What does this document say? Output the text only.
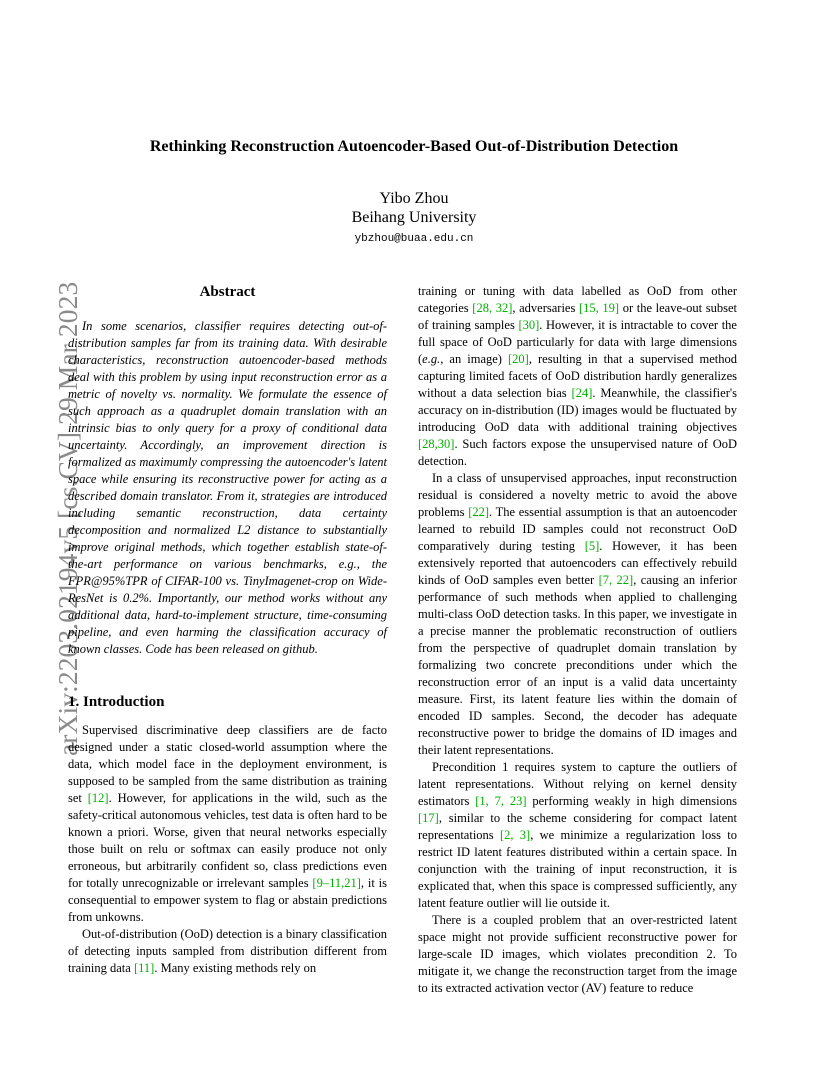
arXiv:2203.02194v5 [cs.CV] 29 Mar 2023
Rethinking Reconstruction Autoencoder-Based Out-of-Distribution Detection
Yibo Zhou
Beihang University
ybzhou@buaa.edu.cn
Abstract

In some scenarios, classifier requires detecting out-of-distribution samples far from its training data. With desirable characteristics, reconstruction autoencoder-based methods deal with this problem by using input reconstruction error as a metric of novelty vs. normality. We formulate the essence of such approach as a quadruplet domain translation with an intrinsic bias to only query for a proxy of conditional data uncertainty. Accordingly, an improvement direction is formalized as maximumly compressing the autoencoder's latent space while ensuring its reconstructive power for acting as a described domain translator. From it, strategies are introduced including semantic reconstruction, data certainty decomposition and normalized L2 distance to substantially improve original methods, which together establish state-of-the-art performance on various benchmarks, e.g., the FPR@95%TPR of CIFAR-100 vs. TinyImagenet-crop on Wide-ResNet is 0.2%. Importantly, our method works without any additional data, hard-to-implement structure, time-consuming pipeline, and even harming the classification accuracy of known classes. Code has been released on github.

1. Introduction

Supervised discriminative deep classifiers are de facto designed under a static closed-world assumption where the data, which model face in the deployment environment, is supposed to be sampled from the same distribution as training set [12]. However, for applications in the wild, such as the safety-critical autonomous vehicles, test data is often hard to be known a priori. Worse, given that neural networks especially those built on relu or softmax can easily produce not only erroneous, but arbitrarily confident so, class predictions even for totally unrecognizable or irrelevant samples [9–11,21], it is consequential to empower system to flag or abstain predictions from unkowns.

Out-of-distribution (OoD) detection is a binary classification of detecting inputs sampled from distribution different from training data [11]. Many existing methods rely on

training or tuning with data labelled as OoD from other categories [28, 32], adversaries [15, 19] or the leave-out subset of training samples [30]. However, it is intractable to cover the full space of OoD particularly for data with large dimensions (e.g., an image) [20], resulting in that a supervised method capturing limited facets of OoD distribution hardly generalizes without a data selection bias [24]. Meanwhile, the classifier's accuracy on in-distribution (ID) images would be fluctuated by introducing OoD data with additional training objectives [28,30]. Such factors expose the unsupervised nature of OoD detection.

In a class of unsupervised approaches, input reconstruction residual is considered a novelty metric to avoid the above problems [22]. The essential assumption is that an autoencoder learned to rebuild ID samples could not reconstruct OoD comparatively during testing [5]. However, it has been extensively reported that autoencoders can effectively rebuild kinds of OoD samples even better [7, 22], causing an inferior performance of such methods when applied to challenging multi-class OoD detection tasks. In this paper, we investigate in a precise manner the problematic reconstruction of outliers from the perspective of quadruplet domain translation by formalizing two concrete preconditions under which the reconstruction error of an input is a valid data uncertainty measure. First, its latent feature lies within the domain of encoded ID samples. Second, the decoder has adequate reconstructive power to bridge the domains of ID images and their latent representations.

Precondition 1 requires system to capture the outliers of latent representations. Without relying on kernel density estimators [1, 7, 23] performing weakly in high dimensions [17], similar to the scheme considering for compact latent representations [2, 3], we minimize a regularization loss to restrict ID latent features distributed within a certain space. In conjunction with the training of input reconstruction, it is explicated that, when this space is compressed sufficiently, any latent feature outlier will lie outside it.

There is a coupled problem that an over-restricted latent space might not provide sufficient reconstructive power for large-scale ID images, which violates precondition 2. To mitigate it, we change the reconstruction target from the image to its extracted activation vector (AV) feature to reduce
